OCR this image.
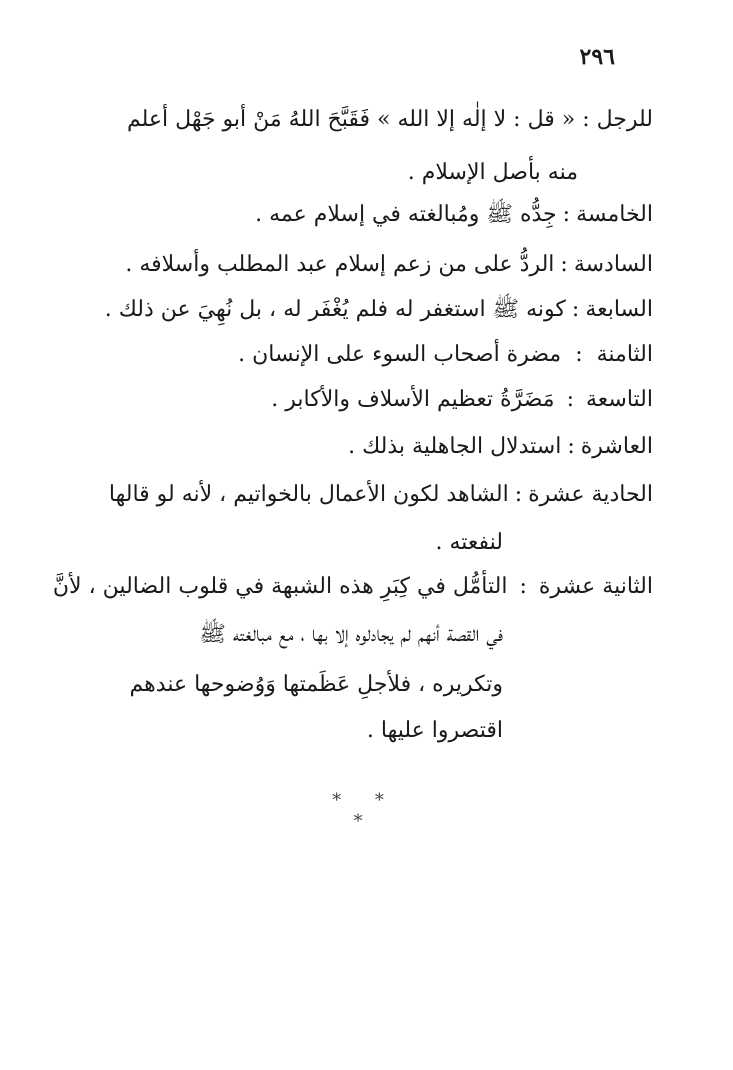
٢٩٦
للرجل : « قل : لا إلٰه إلا الله » فَقَبَّحَ اللهُ مَنْ أبو جَهْل أعلم
منه بأصل الإسلام .
الخامسة:جِدُّه ﷺ ومُبالغته في إسلام عمه .
السادسة:الردُّ على من زعم إسلام عبد المطلب وأسلافه .
السابعة:كونه ﷺ استغفر له فلم يُغْفَر له ، بل نُهِيَ عن ذلك .
الثامنة:مضرة أصحاب السوء على الإنسان .
التاسعة:مَضَرَّةُ تعظيم الأسلاف والأكابر .
العاشرة:استدلال الجاهلية بذلك .
الحادية عشرة:الشاهد لكون الأعمال بالخواتيم ، لأنه لو قالها
لنفعته .
الثانية عشرة:التأمُّل في كِبَرِ هذه الشبهة في قلوب الضالين ، لأنَّ
في القصة أنهم لم يجادلوه إلا بها ، مع مبالغته ﷺ
وتكريره ، فلأجلِ عَظَمتها وَوُضوحها عندهم
اقتصروا عليها .
* * *
